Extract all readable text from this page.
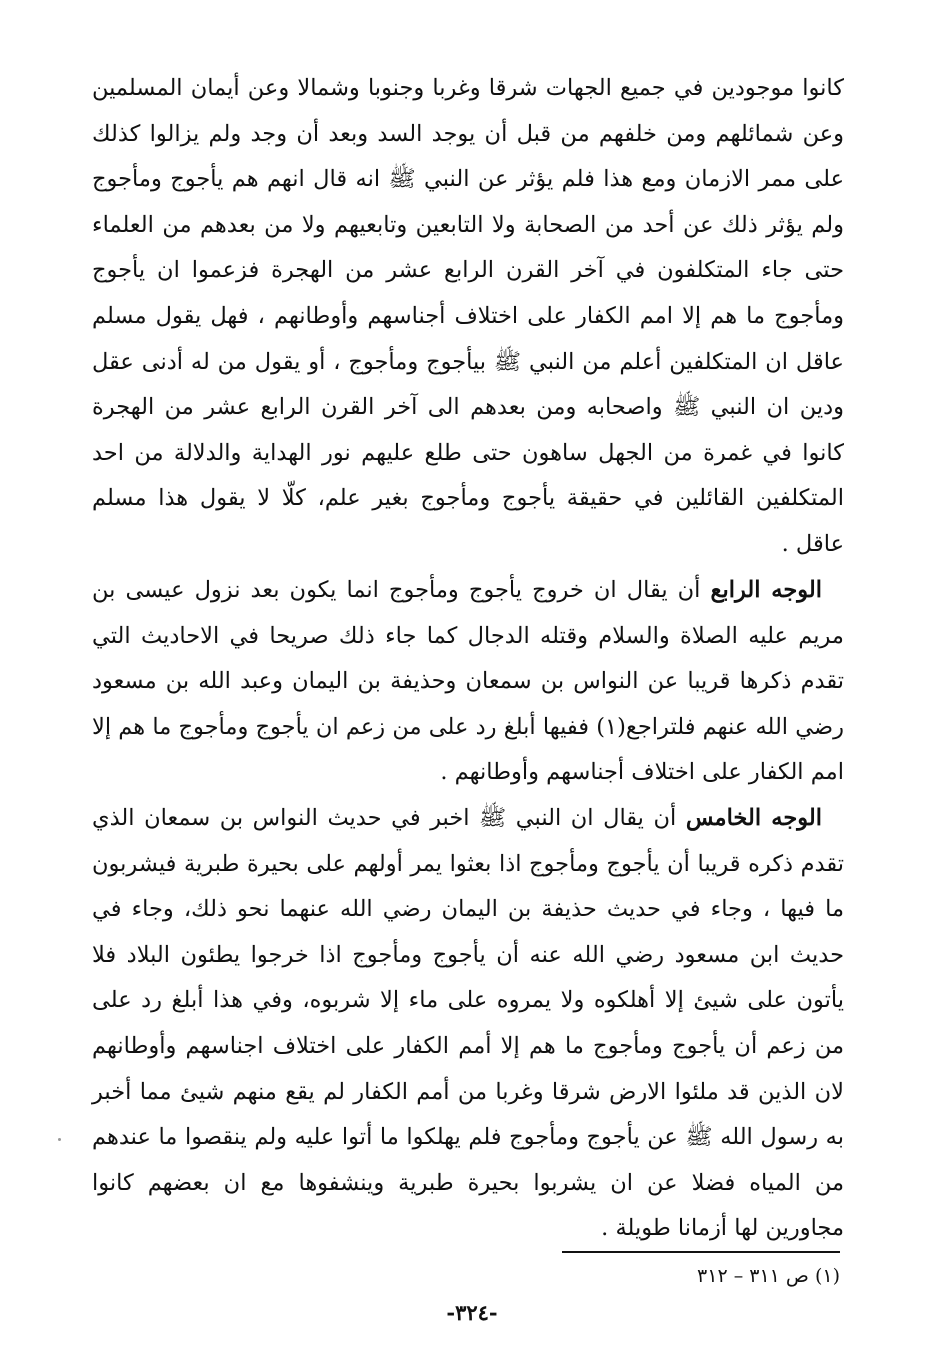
كانوا موجودين في جميع الجهات شرقا وغربا وجنوبا وشمالا وعن أيمان المسلمين وعن شمائلهم ومن خلفهم من قبل أن يوجد السد وبعد أن وجد ولم يزالوا كذلك على ممر الازمان ومع هذا فلم يؤثر عن النبي ﷺ انه قال انهم هم يأجوج ومأجوج ولم يؤثر ذلك عن أحد من الصحابة ولا التابعين وتابعيهم ولا من بعدهم من العلماء حتى جاء المتكلفون في آخر القرن الرابع عشر من الهجرة فزعموا ان يأجوج ومأجوج ما هم إلا امم الكفار على اختلاف أجناسهم وأوطانهم ، فهل يقول مسلم عاقل ان المتكلفين أعلم من النبي ﷺ بيأجوج ومأجوج ، أو يقول من له أدنى عقل ودين ان النبي ﷺ واصحابه ومن بعدهم الى آخر القرن الرابع عشر من الهجرة كانوا في غمرة من الجهل ساهون حتى طلع عليهم نور الهداية والدلالة من احد المتكلفين القائلين في حقيقة يأجوج ومأجوج بغير علم، كلّا لا يقول هذا مسلم عاقل .

الوجه الرابع أن يقال ان خروج يأجوج ومأجوج انما يكون بعد نزول عيسى بن مريم عليه الصلاة والسلام وقتله الدجال كما جاء ذلك صريحا في الاحاديث التي تقدم ذكرها قريبا عن النواس بن سمعان وحذيفة بن اليمان وعبد الله بن مسعود رضي الله عنهم فلتراجع(١) ففيها أبلغ رد على من زعم ان يأجوج ومأجوج ما هم إلا امم الكفار على اختلاف أجناسهم وأوطانهم .

الوجه الخامس أن يقال ان النبي ﷺ اخبر في حديث النواس بن سمعان الذي تقدم ذكره قريبا أن يأجوج ومأجوج اذا بعثوا يمر أولهم على بحيرة طبرية فيشربون ما فيها ، وجاء في حديث حذيفة بن اليمان رضي الله عنهما نحو ذلك، وجاء في حديث ابن مسعود رضي الله عنه أن يأجوج ومأجوج اذا خرجوا يطئون البلاد فلا يأتون على شيئ إلا أهلكوه ولا يمروه على ماء إلا شربوه، وفي هذا أبلغ رد على من زعم أن يأجوج ومأجوج ما هم إلا أمم الكفار على اختلاف اجناسهم وأوطانهم لان الذين قد ملئوا الارض شرقا وغربا من أمم الكفار لم يقع منهم شيئ مما أخبر به رسول الله ﷺ عن يأجوج ومأجوج فلم يهلكوا ما أتوا عليه ولم ينقصوا ما عندهم من المياه فضلا عن ان يشربوا بحيرة طبرية وينشفوها مع ان بعضهم كانوا مجاورين لها أزمانا طويلة .

(١) ص ٣١١ – ٣١٢
-٣٢٤-
